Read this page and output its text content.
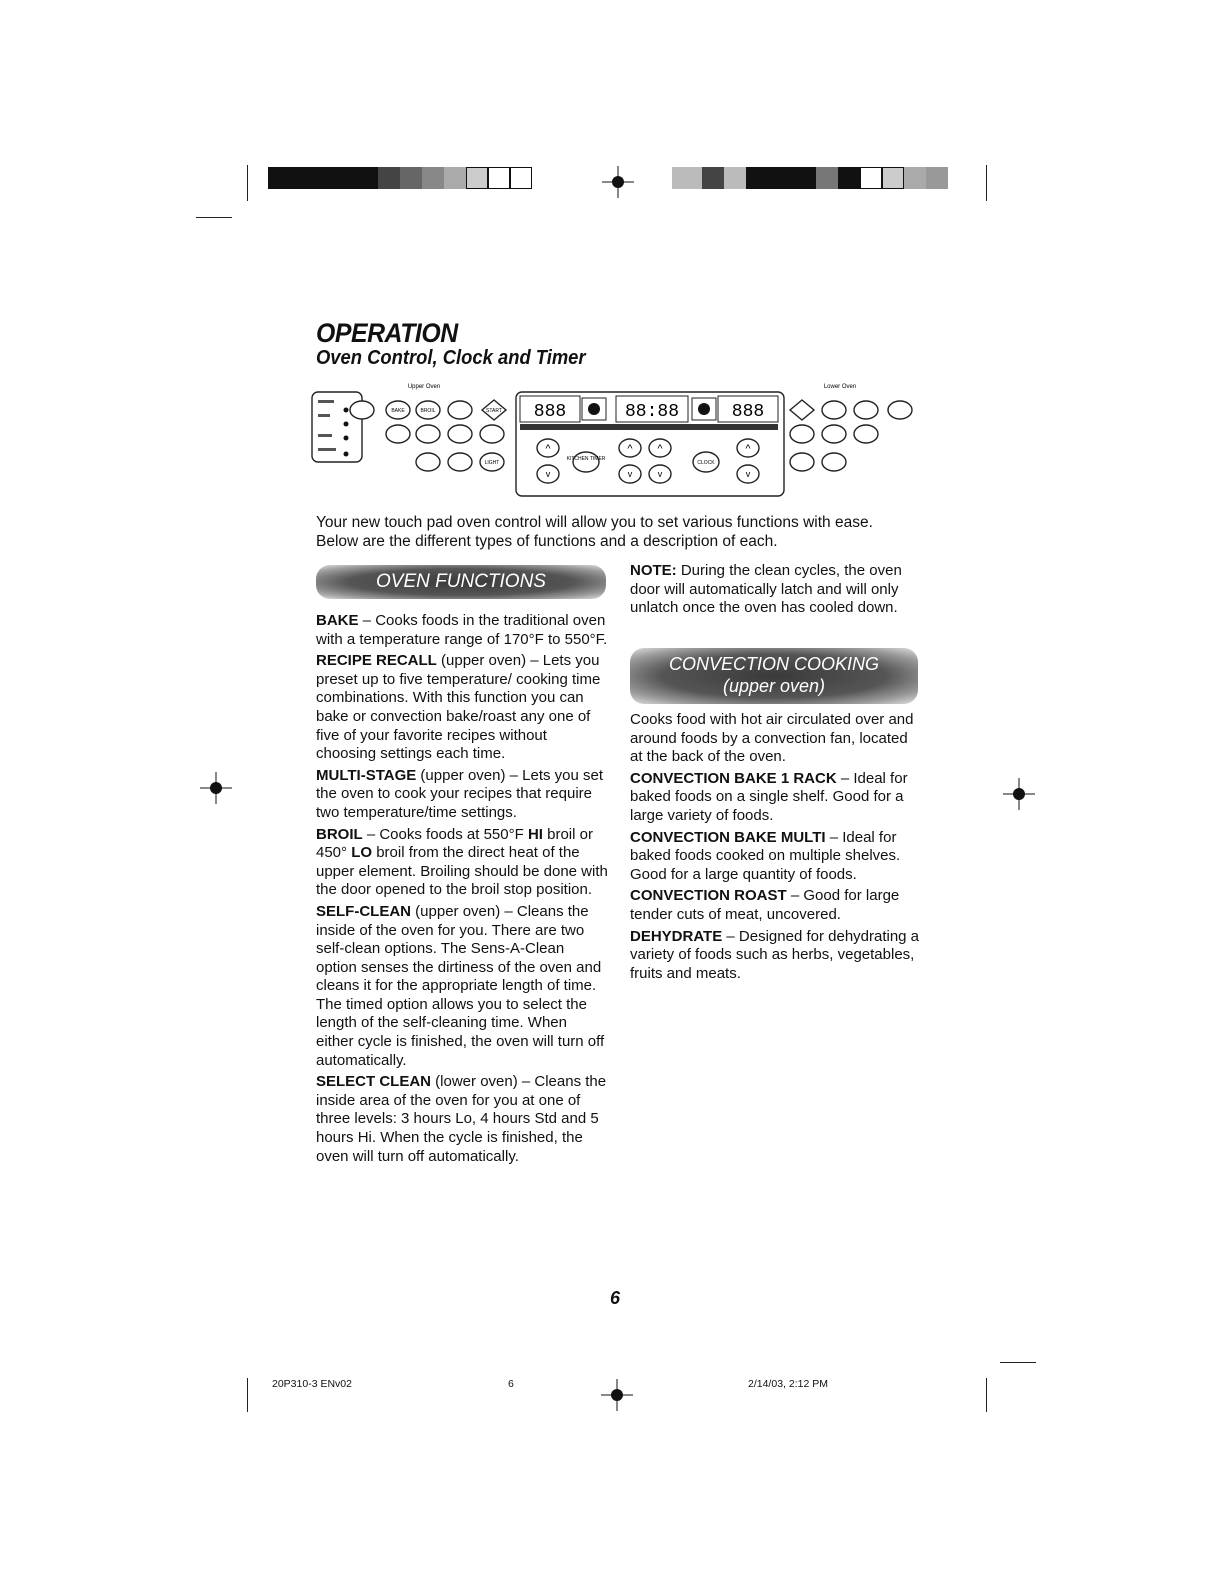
OPERATION
Oven Control, Clock and Timer
Upper Oven	Lower Oven
BAKE	BROIL	START
LIGHT
888	88:88	888
^
v
KITCHEN TIMER
^ ^
v	v
CLOCK
^
v
Your new touch pad oven control will allow you to set various functions with ease. Below are the different types of functions and a description of each.
OVEN FUNCTIONS

BAKE – Cooks foods in the traditional oven with a temperature range of 170°F to 550°F.

RECIPE RECALL (upper oven) – Lets you preset up to five temperature/ cooking time combinations. With this function you can bake or convection bake/roast any one of five of your favorite recipes without choosing settings each time.

MULTI-STAGE (upper oven) – Lets you set the oven to cook your recipes that require two temperature/time settings.

BROIL – Cooks foods at 550°F HI broil or 450° LO broil from the direct heat of the upper element. Broiling should be done with the door opened to the broil stop position.

SELF-CLEAN (upper oven) – Cleans the inside of the oven for you. There are two self-clean options. The Sens-A-Clean option senses the dirtiness of the oven and cleans it for the appropriate length of time. The timed option allows you to select the length of the self-cleaning time. When either cycle is finished, the oven will turn off automatically.

SELECT CLEAN (lower oven) – Cleans the inside area of the oven for you at one of three levels: 3 hours Lo, 4 hours Std and 5 hours Hi. When the cycle is finished, the oven will turn off automatically.

NOTE: During the clean cycles, the oven door will automatically latch and will only unlatch once the oven has cooled down.

CONVECTION COOKING
(upper oven)

Cooks food with hot air circulated over and around foods by a convection fan, located at the back of the oven.

CONVECTION BAKE 1 RACK – Ideal for baked foods on a single shelf. Good for a large variety of foods.

CONVECTION BAKE MULTI – Ideal for baked foods cooked on multiple shelves. Good for a large quantity of foods.

CONVECTION ROAST – Good for large tender cuts of meat, uncovered.

DEHYDRATE – Designed for dehydrating a variety of foods such as herbs, vegetables, fruits and meats.

6
20P310-3 ENv02	6	2/14/03, 2:12 PM
